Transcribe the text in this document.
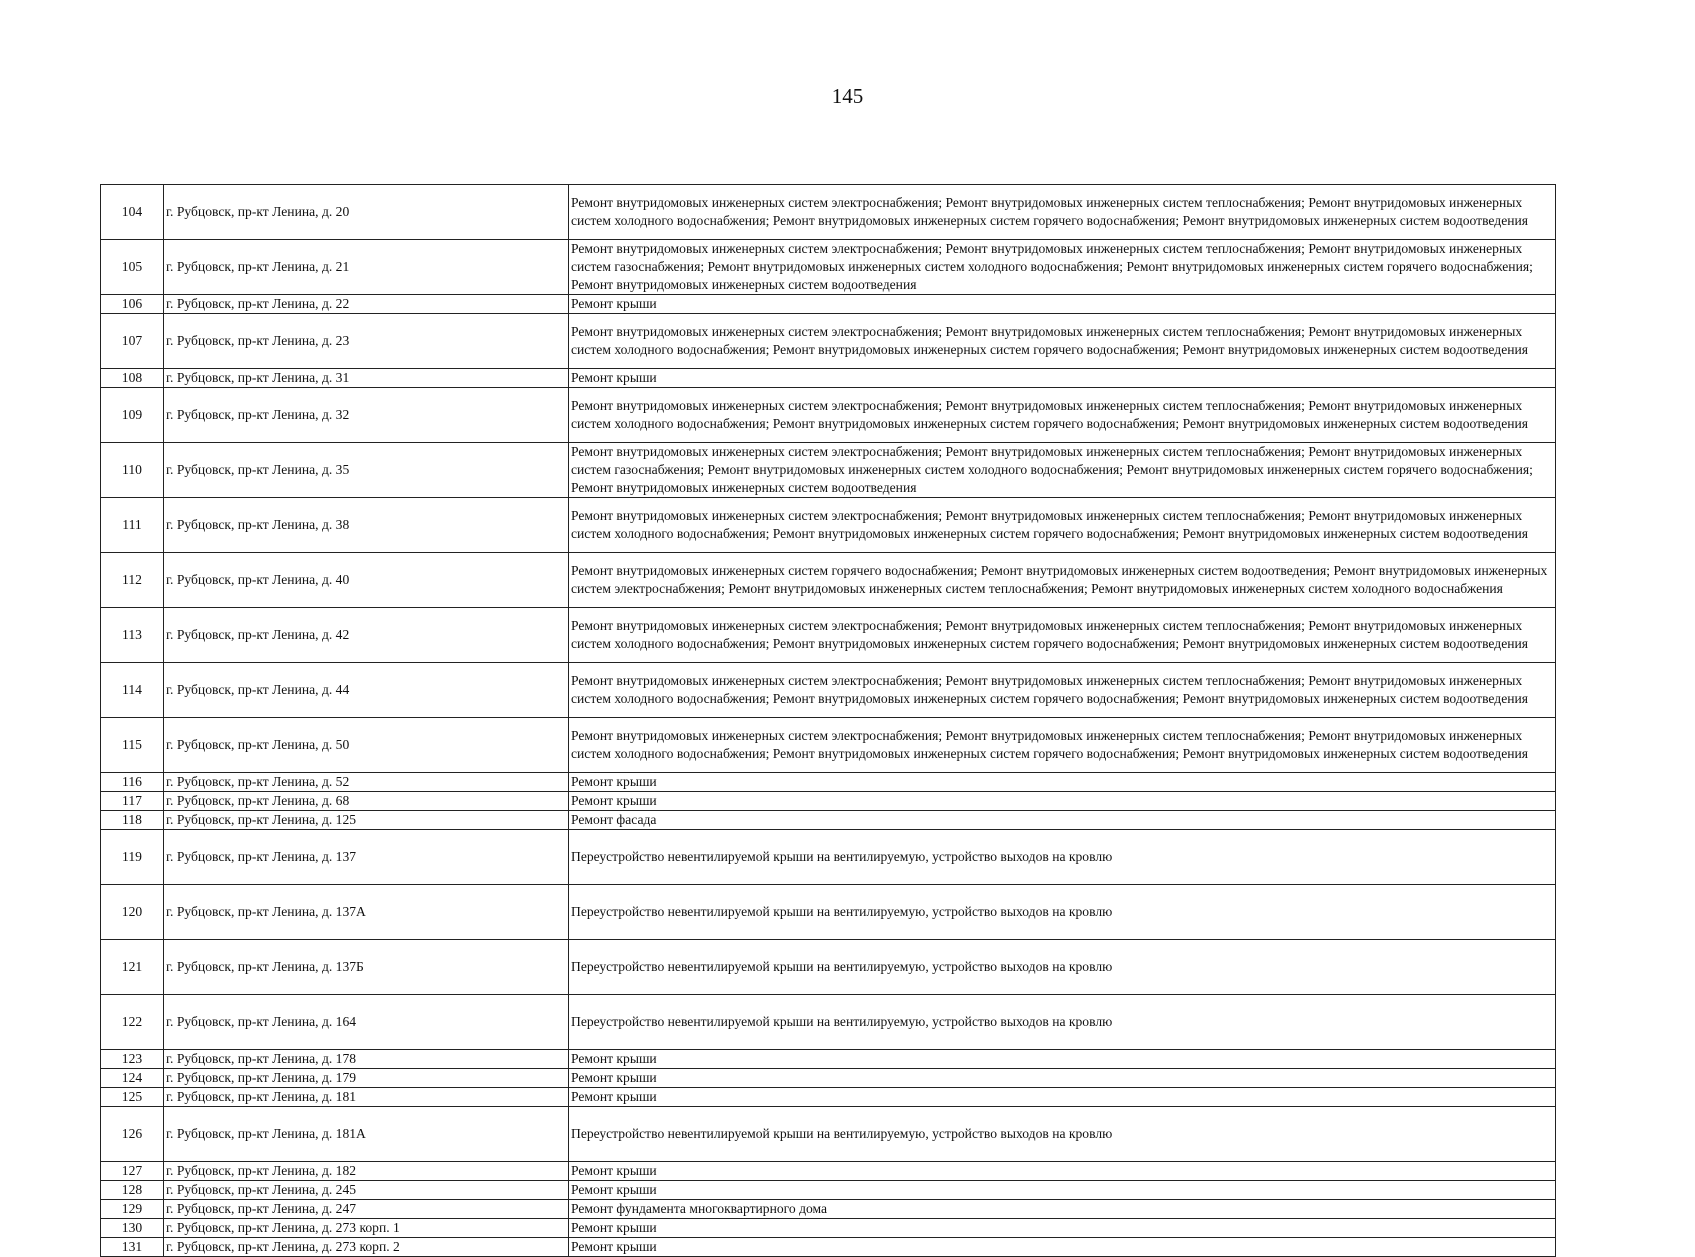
145
104	г. Рубцовск, пр-кт Ленина, д. 20	Ремонт внутридомовых инженерных систем электроснабжения; Ремонт внутридомовых инженерных систем теплоснабжения; Ремонт внутридомовых инженерных систем холодного водоснабжения; Ремонт внутридомовых инженерных систем горячего водоснабжения; Ремонт внутридомовых инженерных систем водоотведения
105	г. Рубцовск, пр-кт Ленина, д. 21	Ремонт внутридомовых инженерных систем электроснабжения; Ремонт внутридомовых инженерных систем теплоснабжения; Ремонт внутридомовых инженерных систем газоснабжения; Ремонт внутридомовых инженерных систем холодного водоснабжения; Ремонт внутридомовых инженерных систем горячего водоснабжения; Ремонт внутридомовых инженерных систем водоотведения
106	г. Рубцовск, пр-кт Ленина, д. 22	Ремонт крыши
107	г. Рубцовск, пр-кт Ленина, д. 23	Ремонт внутридомовых инженерных систем электроснабжения; Ремонт внутридомовых инженерных систем теплоснабжения; Ремонт внутридомовых инженерных систем холодного водоснабжения; Ремонт внутридомовых инженерных систем горячего водоснабжения; Ремонт внутридомовых инженерных систем водоотведения
108	г. Рубцовск, пр-кт Ленина, д. 31	Ремонт крыши
109	г. Рубцовск, пр-кт Ленина, д. 32	Ремонт внутридомовых инженерных систем электроснабжения; Ремонт внутридомовых инженерных систем теплоснабжения; Ремонт внутридомовых инженерных систем холодного водоснабжения; Ремонт внутридомовых инженерных систем горячего водоснабжения; Ремонт внутридомовых инженерных систем водоотведения
110	г. Рубцовск, пр-кт Ленина, д. 35	Ремонт внутридомовых инженерных систем электроснабжения; Ремонт внутридомовых инженерных систем теплоснабжения; Ремонт внутридомовых инженерных систем газоснабжения; Ремонт внутридомовых инженерных систем холодного водоснабжения; Ремонт внутридомовых инженерных систем горячего водоснабжения; Ремонт внутридомовых инженерных систем водоотведения
111	г. Рубцовск, пр-кт Ленина, д. 38	Ремонт внутридомовых инженерных систем электроснабжения; Ремонт внутридомовых инженерных систем теплоснабжения; Ремонт внутридомовых инженерных систем холодного водоснабжения; Ремонт внутридомовых инженерных систем горячего водоснабжения; Ремонт внутридомовых инженерных систем водоотведения
112	г. Рубцовск, пр-кт Ленина, д. 40	Ремонт внутридомовых инженерных систем горячего водоснабжения; Ремонт внутридомовых инженерных систем водоотведения; Ремонт внутридомовых инженерных систем электроснабжения; Ремонт внутридомовых инженерных систем теплоснабжения; Ремонт внутридомовых инженерных систем холодного водоснабжения
113	г. Рубцовск, пр-кт Ленина, д. 42	Ремонт внутридомовых инженерных систем электроснабжения; Ремонт внутридомовых инженерных систем теплоснабжения; Ремонт внутридомовых инженерных систем холодного водоснабжения; Ремонт внутридомовых инженерных систем горячего водоснабжения; Ремонт внутридомовых инженерных систем водоотведения
114	г. Рубцовск, пр-кт Ленина, д. 44	Ремонт внутридомовых инженерных систем электроснабжения; Ремонт внутридомовых инженерных систем теплоснабжения; Ремонт внутридомовых инженерных систем холодного водоснабжения; Ремонт внутридомовых инженерных систем горячего водоснабжения; Ремонт внутридомовых инженерных систем водоотведения
115	г. Рубцовск, пр-кт Ленина, д. 50	Ремонт внутридомовых инженерных систем электроснабжения; Ремонт внутридомовых инженерных систем теплоснабжения; Ремонт внутридомовых инженерных систем холодного водоснабжения; Ремонт внутридомовых инженерных систем горячего водоснабжения; Ремонт внутридомовых инженерных систем водоотведения
116	г. Рубцовск, пр-кт Ленина, д. 52	Ремонт крыши
117	г. Рубцовск, пр-кт Ленина, д. 68	Ремонт крыши
118	г. Рубцовск, пр-кт Ленина, д. 125	Ремонт фасада
119	г. Рубцовск, пр-кт Ленина, д. 137	Переустройство невентилируемой крыши на вентилируемую, устройство выходов на кровлю
120	г. Рубцовск, пр-кт Ленина, д. 137А	Переустройство невентилируемой крыши на вентилируемую, устройство выходов на кровлю
121	г. Рубцовск, пр-кт Ленина, д. 137Б	Переустройство невентилируемой крыши на вентилируемую, устройство выходов на кровлю
122	г. Рубцовск, пр-кт Ленина, д. 164	Переустройство невентилируемой крыши на вентилируемую, устройство выходов на кровлю
123	г. Рубцовск, пр-кт Ленина, д. 178	Ремонт крыши
124	г. Рубцовск, пр-кт Ленина, д. 179	Ремонт крыши
125	г. Рубцовск, пр-кт Ленина, д. 181	Ремонт крыши
126	г. Рубцовск, пр-кт Ленина, д. 181А	Переустройство невентилируемой крыши на вентилируемую, устройство выходов на кровлю
127	г. Рубцовск, пр-кт Ленина, д. 182	Ремонт крыши
128	г. Рубцовск, пр-кт Ленина, д. 245	Ремонт крыши
129	г. Рубцовск, пр-кт Ленина, д. 247	Ремонт фундамента многоквартирного дома
130	г. Рубцовск, пр-кт Ленина, д. 273 корп. 1	Ремонт крыши
131	г. Рубцовск, пр-кт Ленина, д. 273 корп. 2	Ремонт крыши
